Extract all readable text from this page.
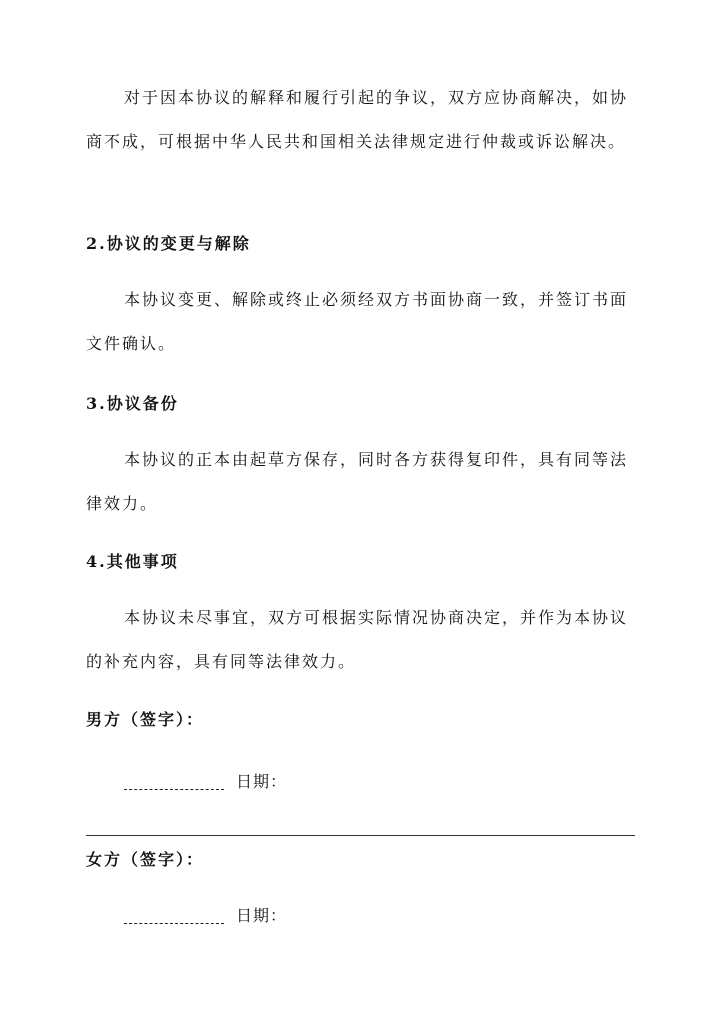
对于因本协议的解释和履行引起的争议，双方应协商解决，如协商不成，可根据中华人民共和国相关法律规定进行仲裁或诉讼解决。

2.协议的变更与解除

本协议变更、解除或终止必须经双方书面协商一致，并签订书面文件确认。

3.协议备份

本协议的正本由起草方保存，同时各方获得复印件，具有同等法律效力。

4.其他事项

本协议未尽事宜，双方可根据实际情况协商决定，并作为本协议的补充内容，具有同等法律效力。

男方（签字）：
日期：
女方（签字）：
日期：
